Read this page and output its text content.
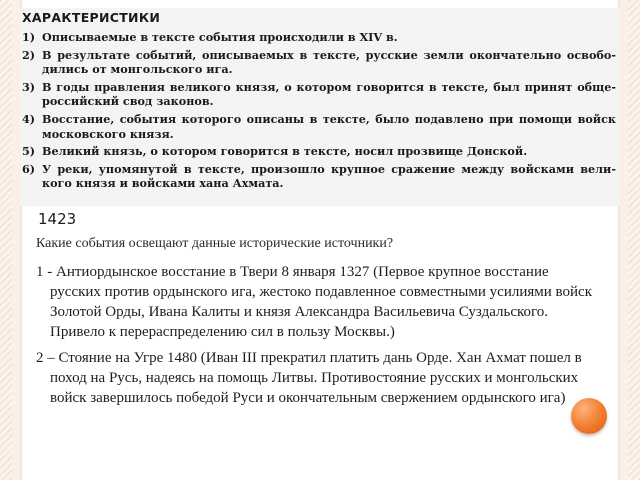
ХАРАКТЕРИСТИКИ
1) Описываемые в тексте события происходили в XIV в.
2) В результате событий, описываемых в тексте, русские земли окончательно освобо-дились от монгольского ига.
3) В годы правления великого князя, о котором говорится в тексте, был принят обще-российский свод законов.
4) Восстание, события которого описаны в тексте, было подавлено при помощи войск московского князя.
5) Великий князь, о котором говорится в тексте, носил прозвище Донской.
6) У реки, упомянутой в тексте, произошло крупное сражение между войсками вели-кого князя и войсками хана Ахмата.
1423
Какие события освещают данные исторические источники?
1 - Антиордынское восстание в Твери 8 января 1327 (Первое крупное восстание русских против ордынского ига, жестоко подавленное совместными усилиями войск Золотой Орды, Ивана Калиты и князя Александра Васильевича Суздальского. Привело к перераспределению сил в пользу Москвы.)
2 – Стояние на Угре 1480 (Иван III прекратил платить дань Орде. Хан Ахмат пошел в поход на Русь, надеясь на помощь Литвы. Противостояние русских и монгольских войск завершилось победой Руси и окончательным свержением ордынского ига)
